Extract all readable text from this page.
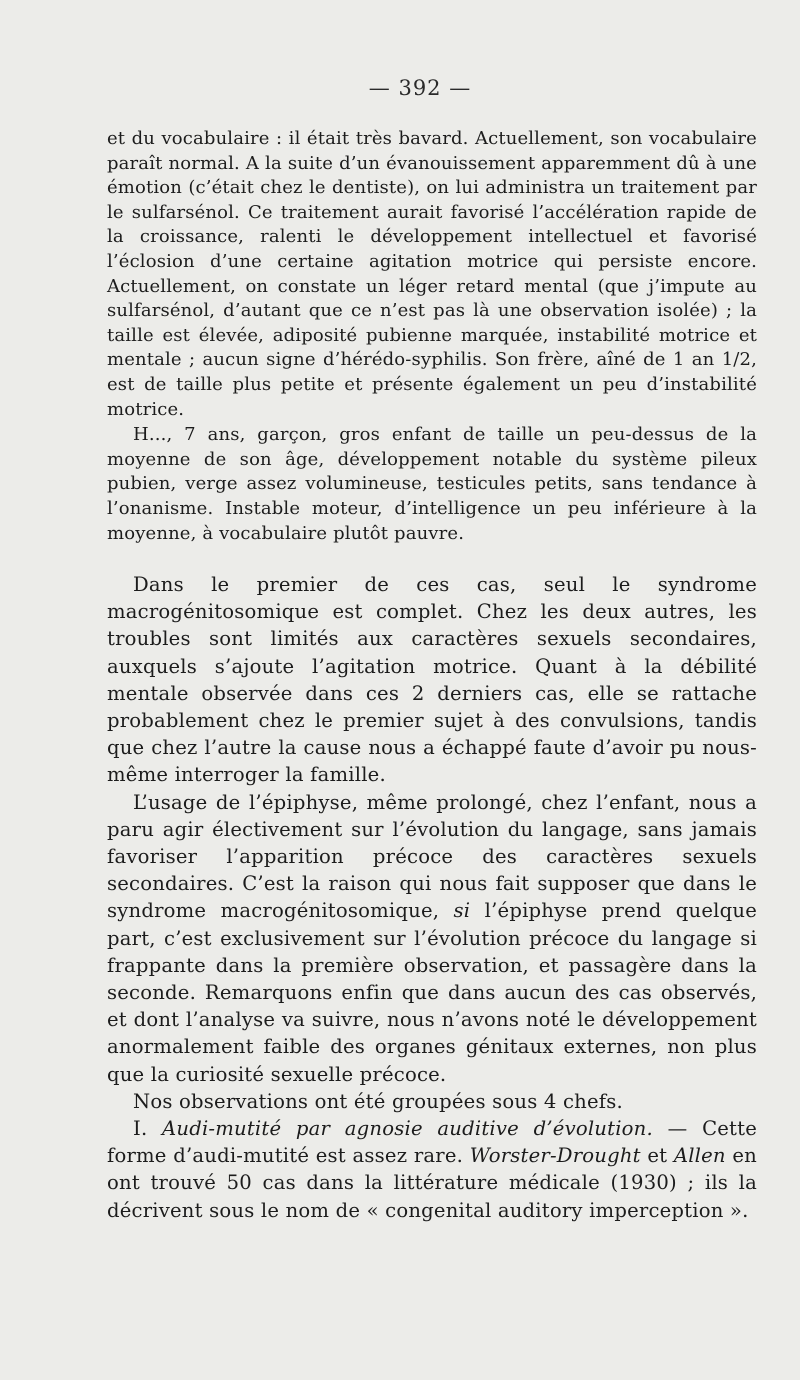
— 392 —

et du vocabulaire : il était très bavard. Actuellement, son vocabulaire paraît normal. A la suite d’un évanouissement apparemment dû à une émotion (c’était chez le dentiste), on lui administra un traitement par le sulfarsénol. Ce traitement aurait favorisé l’accélération rapide de la croissance, ralenti le développement intellectuel et favorisé l’éclosion d’une certaine agitation motrice qui persiste encore. Actuellement, on constate un léger retard mental (que j’impute au sulfarsénol, d’autant que ce n’est pas là une observation isolée) ; la taille est élevée, adiposité pubienne marquée, instabilité motrice et mentale ; aucun signe d’hérédo-syphilis. Son frère, aîné de 1 an 1/2, est de taille plus petite et présente également un peu d’instabilité motrice.

H..., 7 ans, garçon, gros enfant de taille un peu-dessus de la moyenne de son âge, développement notable du système pileux pubien, verge assez volumineuse, testicules petits, sans tendance à l’onanisme. Instable moteur, d’intelligence un peu inférieure à la moyenne, à vocabulaire plutôt pauvre.

Dans le premier de ces cas, seul le syndrome macrogénitosomique est complet. Chez les deux autres, les troubles sont limités aux caractères sexuels secondaires, auxquels s’ajoute l’agitation motrice. Quant à la débilité mentale observée dans ces 2 derniers cas, elle se rattache probablement chez le premier sujet à des convulsions, tandis que chez l’autre la cause nous a échappé faute d’avoir pu nous-même interroger la famille.

L’usage de l’épiphyse, même prolongé, chez l’enfant, nous a paru agir électivement sur l’évolution du langage, sans jamais favoriser l’apparition précoce des caractères sexuels secondaires. C’est la raison qui nous fait supposer que dans le syndrome macrogénitosomique, si l’épiphyse prend quelque part, c’est exclusivement sur l’évolution précoce du langage si frappante dans la première observation, et passagère dans la seconde. Remarquons enfin que dans aucun des cas observés, et dont l’analyse va suivre, nous n’avons noté le développement anormalement faible des organes génitaux externes, non plus que la curiosité sexuelle précoce.

Nos observations ont été groupées sous 4 chefs.

I. Audi-mutité par agnosie auditive d’évolution. — Cette forme d’audi-mutité est assez rare. Worster-Drought et Allen en ont trouvé 50 cas dans la littérature médicale (1930) ; ils la décrivent sous le nom de « congenital auditory imperception ».
